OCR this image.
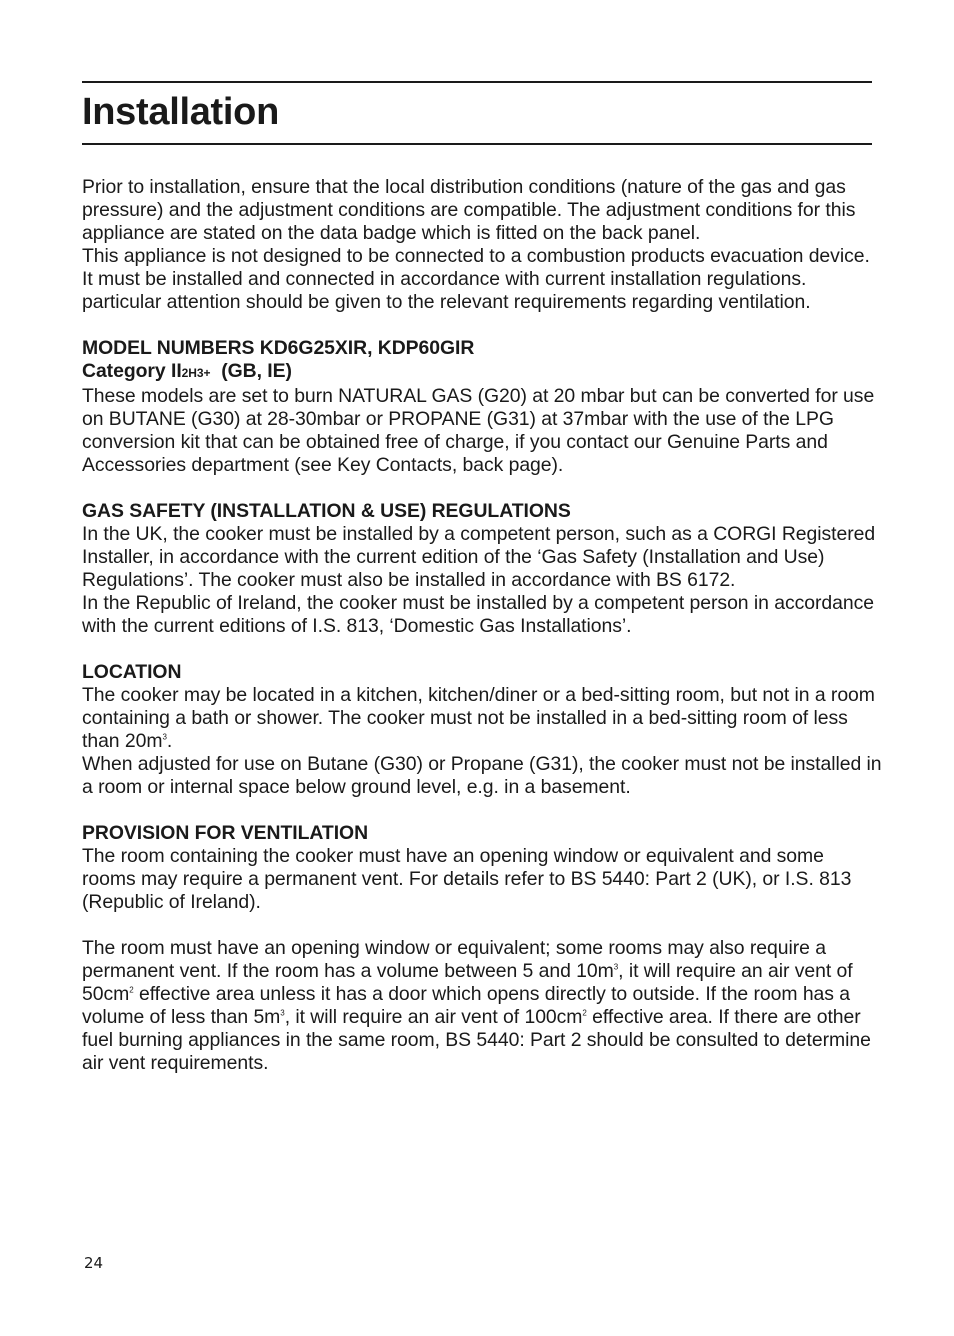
Installation

Prior to installation, ensure that the local distribution conditions (nature of the gas and gas pressure) and the adjustment conditions are compatible. The adjustment conditions for this appliance are stated on the data badge which is fitted on the back panel.

This appliance is not designed to be connected to a combustion products evacuation device. It must be installed and connected in accordance with current installation regulations. particular attention should be given to the relevant requirements regarding ventilation.

MODEL NUMBERS KD6G25XIR, KDP60GIR

Category II2H3+ (GB, IE)

These models are set to burn NATURAL GAS (G20) at 20 mbar but can be converted for use on BUTANE (G30) at 28-30mbar or PROPANE (G31) at 37mbar with the use of the LPG conversion kit that can be obtained free of charge, if you contact our Genuine Parts and Accessories department (see Key Contacts, back page).

GAS SAFETY (INSTALLATION & USE) REGULATIONS

In the UK, the cooker must be installed by a competent person, such as a CORGI Registered Installer, in accordance with the current edition of the ‘Gas Safety (Installation and Use) Regulations’. The cooker must also be installed in accordance with BS 6172.

In the Republic of Ireland, the cooker must be installed by a competent person in accordance with the current editions of I.S. 813, ‘Domestic Gas Installations’.

LOCATION

The cooker may be located in a kitchen, kitchen/diner or a bed-sitting room, but not in a room containing a bath or shower. The cooker must not be installed in a bed-sitting room of less than $20m^3$.

When adjusted for use on Butane (G30) or Propane (G31), the cooker must not be installed in a room or internal space below ground level, e.g. in a basement.

PROVISION FOR VENTILATION

The room containing the cooker must have an opening window or equivalent and some rooms may require a permanent vent. For details refer to BS 5440: Part 2 (UK), or I.S. 813 (Republic of Ireland).

The room must have an opening window or equivalent; some rooms may also require a permanent vent. If the room has a volume between 5 and $10m^3$, it will require an air vent of $50cm^2$ effective area unless it has a door which opens directly to outside. If the room has a volume of less than $5m^3$, it will require an air vent of $100cm^2$ effective area. If there are other fuel burning appliances in the same room, BS 5440: Part 2 should be consulted to determine air vent requirements.

24
